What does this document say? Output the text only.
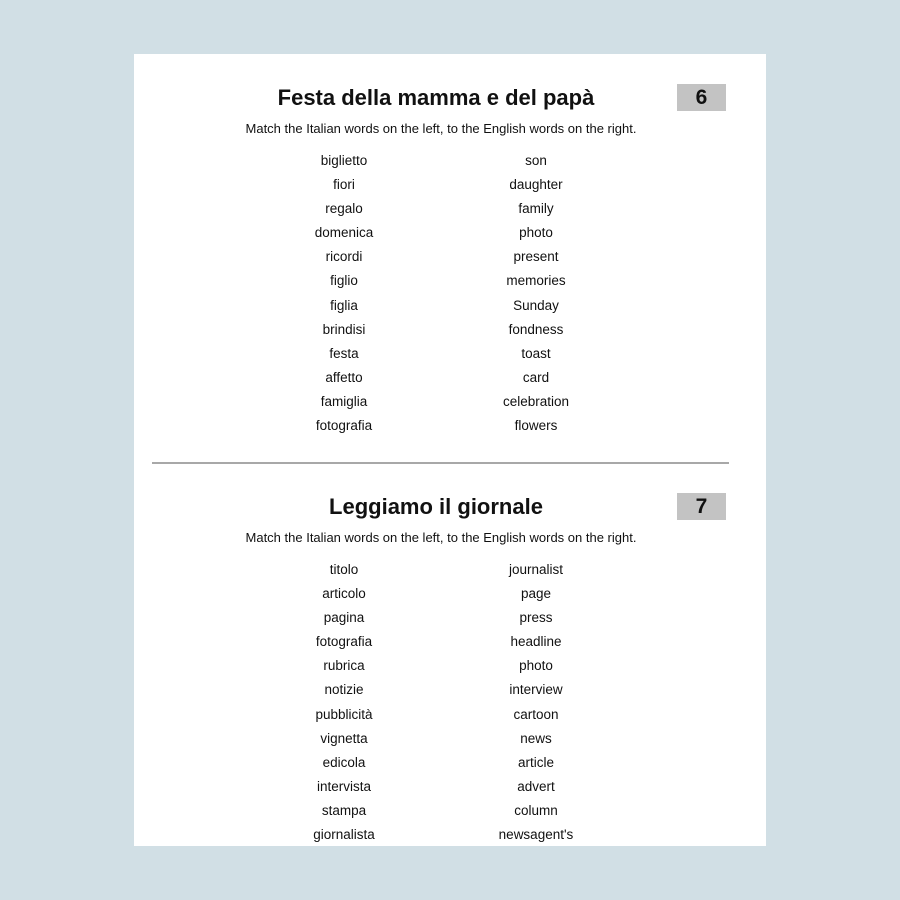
Festa della mamma e del papà	6
Match the Italian words on the left, to the English words on the right.
biglietto
fiori
regalo
domenica
ricordi
figlio
figlia
brindisi
festa
affetto
famiglia
fotografia
son
daughter
family
photo
present
memories
Sunday
fondness
toast
card
celebration
flowers
Leggiamo il giornale	7
Match the Italian words on the left, to the English words on the right.
titolo
articolo
pagina
fotografia
rubrica
notizie
pubblicità
vignetta
edicola
intervista
stampa
giornalista
journalist
page
press
headline
photo
interview
cartoon
news
article
advert
column
newsagent's
